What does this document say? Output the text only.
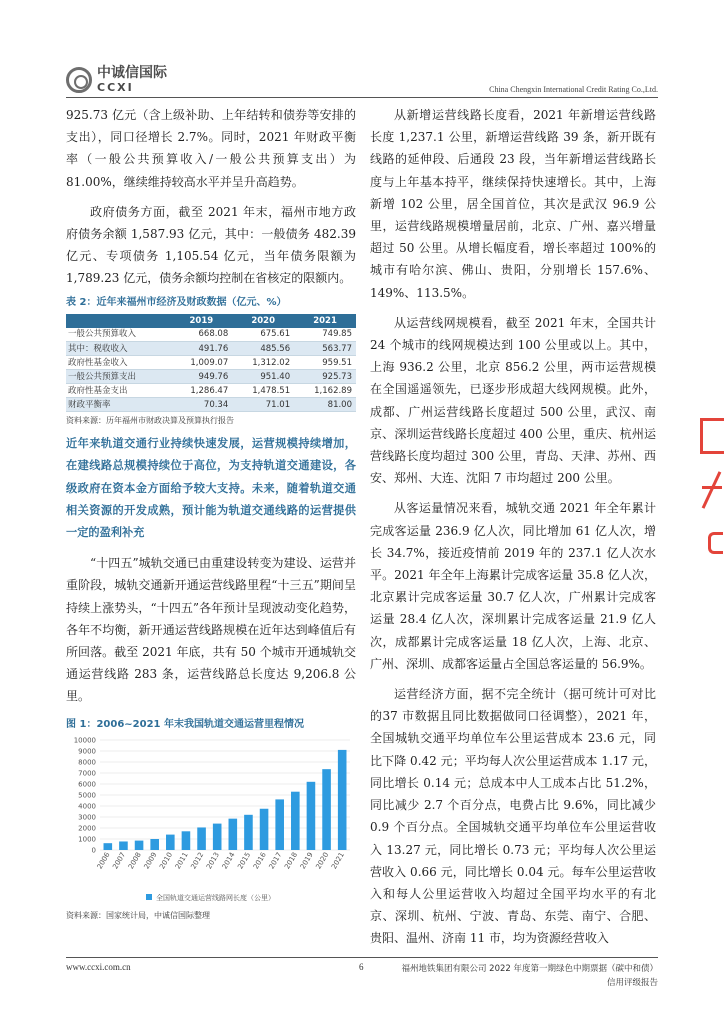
中诚信国际
CCXI	China Chengxin International Credit Rating Co.,Ltd.

925.73 亿元（含上级补助、上年结转和债券等安排的支出），同口径增长 2.7%。同时，2021 年财政平衡率（一般公共预算收入/一般公共预算支出）为81.00%，继续维持较高水平并呈升高趋势。

政府债务方面，截至 2021 年末，福州市地方政府债务余额 1,587.93 亿元，其中：一般债务 482.39 亿元、专项债务 1,105.54 亿元，当年债务限额为 1,789.23 亿元，债务余额均控制在省核定的限额内。

表 2：近年来福州市经济及财政数据（亿元、%）
	2019	2020	2021
一般公共预算收入	668.08	675.61	749.85
其中：税收收入	491.76	485.56	563.77
政府性基金收入	1,009.07	1,312.02	959.51
一般公共预算支出	949.76	951.40	925.73
政府性基金支出	1,286.47	1,478.51	1,162.89
财政平衡率	70.34	71.01	81.00
资料来源：历年福州市财政决算及预算执行报告

近年来轨道交通行业持续快速发展，运营规模持续增加，在建线路总规模持续位于高位，为支持轨道交通建设，各级政府在资本金方面给予较大支持。未来，随着轨道交通相关资源的开发成熟，预计能为轨道交通线路的运营提供一定的盈利补充

“十四五”城轨交通已由重建设转变为建设、运营并重阶段，城轨交通新开通运营线路里程“十三五”期间呈持续上涨势头，“十四五”各年预计呈现波动变化趋势，各年不均衡，新开通运营线路规模在近年达到峰值后有所回落。截至 2021 年底，共有 50 个城市开通城轨交通运营线路 283 条，运营线路总长度达 9,206.8 公里。

图 1：2006~2021 年末我国轨道交通运营里程情况
0
1000
2000
3000
4000
5000
6000
7000
8000
9000
10000
2006 2007 2008 2009 2010 2011 2012 2013 2014 2015 2016 2017 2018 2019 2020 2021
全国轨道交通运营线路网长度（公里）
资料来源：国家统计局，中诚信国际整理

从新增运营线路长度看，2021 年新增运营线路长度 1,237.1 公里，新增运营线路 39 条，新开既有线路的延伸段、后通段 23 段，当年新增运营线路长度与上年基本持平，继续保持快速增长。其中，上海新增 102 公里，居全国首位，其次是武汉 96.9 公里，运营线路规模增量居前，北京、广州、嘉兴增量超过 50 公里。从增长幅度看，增长率超过 100%的城市有哈尔滨、佛山、贵阳，分别增长 157.6%、149%、113.5%。

从运营线网规模看，截至 2021 年末，全国共计 24 个城市的线网规模达到 100 公里或以上。其中，上海 936.2 公里，北京 856.2 公里，两市运营规模在全国遥遥领先，已逐步形成超大线网规模。此外，成都、广州运营线路长度超过 500 公里，武汉、南京、深圳运营线路长度超过 400 公里，重庆、杭州运营线路长度均超过 300 公里，青岛、天津、苏州、西安、郑州、大连、沈阳 7 市均超过 200 公里。

从客运量情况来看，城轨交通 2021 年全年累计完成客运量 236.9 亿人次，同比增加 61 亿人次，增长 34.7%，接近疫情前 2019 年的 237.1 亿人次水平。2021 年全年上海累计完成客运量 35.8 亿人次，北京累计完成客运量 30.7 亿人次，广州累计完成客运量 28.4 亿人次，深圳累计完成客运量 21.9 亿人次，成都累计完成客运量 18 亿人次，上海、北京、广州、深圳、成都客运量占全国总客运量的 56.9%。

运营经济方面，据不完全统计（据可统计可对比的37 市数据且同比数据做同口径调整），2021 年，全国城轨交通平均单位车公里运营成本 23.6 元，同比下降 0.42 元；平均每人次公里运营成本 1.17 元，同比增长 0.14 元；总成本中人工成本占比 51.2%，同比减少 2.7 个百分点，电费占比 9.6%，同比减少0.9 个百分点。全国城轨交通平均单位车公里运营收入 13.27 元，同比增长 0.73 元；平均每人次公里运营收入 0.66 元，同比增长 0.04 元。每车公里运营收入和每人公里运营收入均超过全国平均水平的有北京、深圳、杭州、宁波、青岛、东莞、南宁、合肥、贵阳、温州、济南 11 市，均为资源经营收入

www.ccxi.com.cn	6	福州地铁集团有限公司 2022 年度第一期绿色中期票据（碳中和债）
信用评级报告
